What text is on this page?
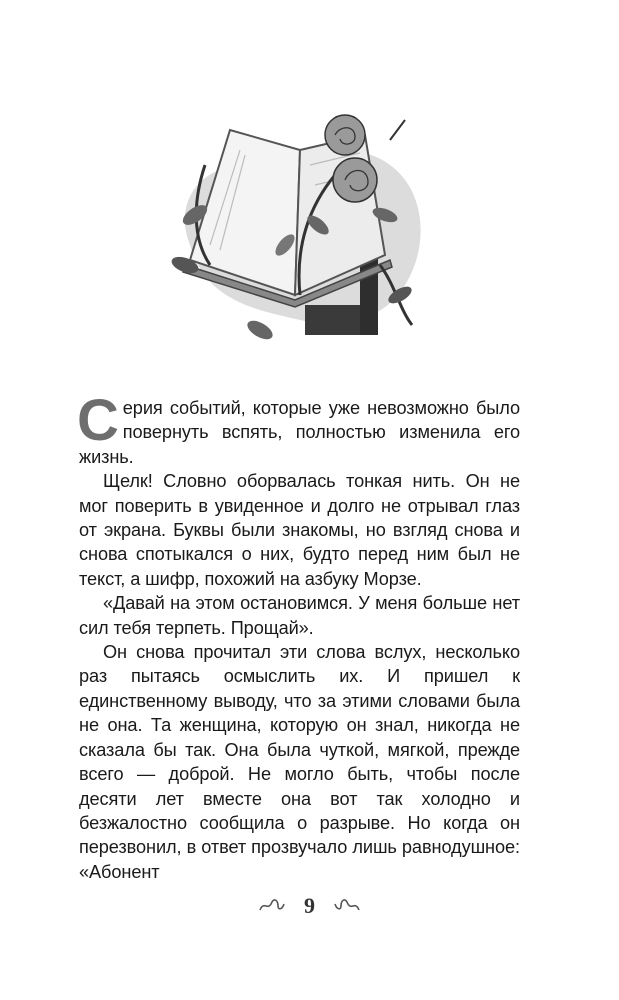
Серия событий, которые уже невозможно было повернуть вспять, полностью изменила его жизнь.

Щелк! Словно оборвалась тонкая нить. Он не мог поверить в увиденное и долго не отрывал глаз от экрана. Буквы были знакомы, но взгляд снова и снова спотыкался о них, будто перед ним был не текст, а шифр, похожий на азбуку Морзе.

«Давай на этом остановимся. У меня больше нет сил тебя терпеть. Прощай».

Он снова прочитал эти слова вслух, несколько раз пытаясь осмыслить их. И пришел к единственному выводу, что за этими словами была не она. Та женщина, которую он знал, никогда не сказала бы так. Она была чуткой, мягкой, прежде всего — доброй. Не могло быть, чтобы после десяти лет вместе она вот так холодно и безжалостно сообщила о разрыве. Но когда он перезвонил, в ответ прозвучало лишь равнодушное: «Абонент

9
